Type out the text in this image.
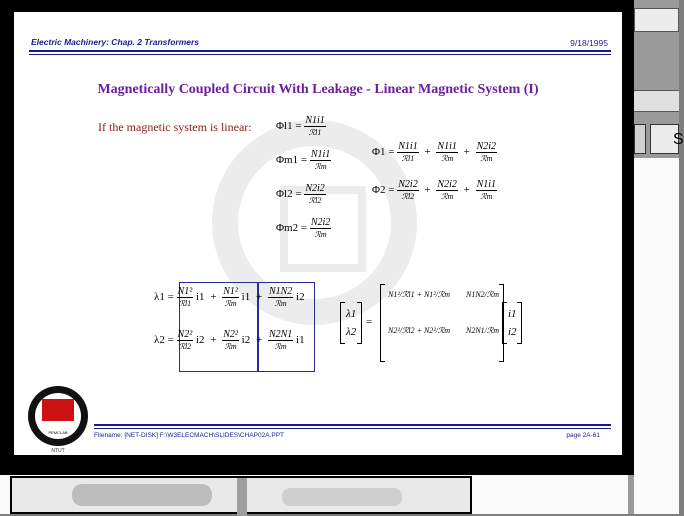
S
Electric Machinery: Chap. 2 Transformers	9/18/1995
Magnetically Coupled Circuit With Leakage - Linear Magnetic System (I)
If the magnetic system is linear: $\Phi l1 = \frac{N1i1}{\text{ℛl1}}$
$\Phi m1 = \frac{N1i1}{\text{ℛm}}$
$\Phi l2 = \frac{N2i2}{\text{ℛl2}}$
$\Phi m2 = \frac{N2i2}{\text{ℛm}}$
$\Phi 1 = \frac{N1i1}{\text{ℛl1}} + \frac{N1i1}{\text{ℛm}} + \frac{N2i2}{\text{ℛm}}$
$\Phi 2 = \frac{N2i2}{\text{ℛl2}} + \frac{N2i2}{\text{ℛm}} + \frac{N1i1}{\text{ℛm}}$
$\lambda 1 = \frac{\text{N1²}}{\text{ℛl1}} i1 + \frac{\text{N1²}}{\text{ℛm}} i1 + \frac{N1N2}{\text{ℛm}} i2$
$\lambda 2 = \frac{\text{N2²}}{\text{ℛl2}} i2 + \frac{\text{N2²}}{\text{ℛm}} i2 + \frac{N2N1}{\text{ℛm}} i1$
λ1
λ2
=
N1²/ℛl1 + N1²/ℛm N1N2/ℛm
N2²/ℛl2 + N2²/ℛm N2N1/ℛm
i1
i2
PEMCLAB
NTUT
Filename: [NET-DISK] F:\W3ELECMACH\SLIDES\CHAP02A.PPT	page 2A-61
